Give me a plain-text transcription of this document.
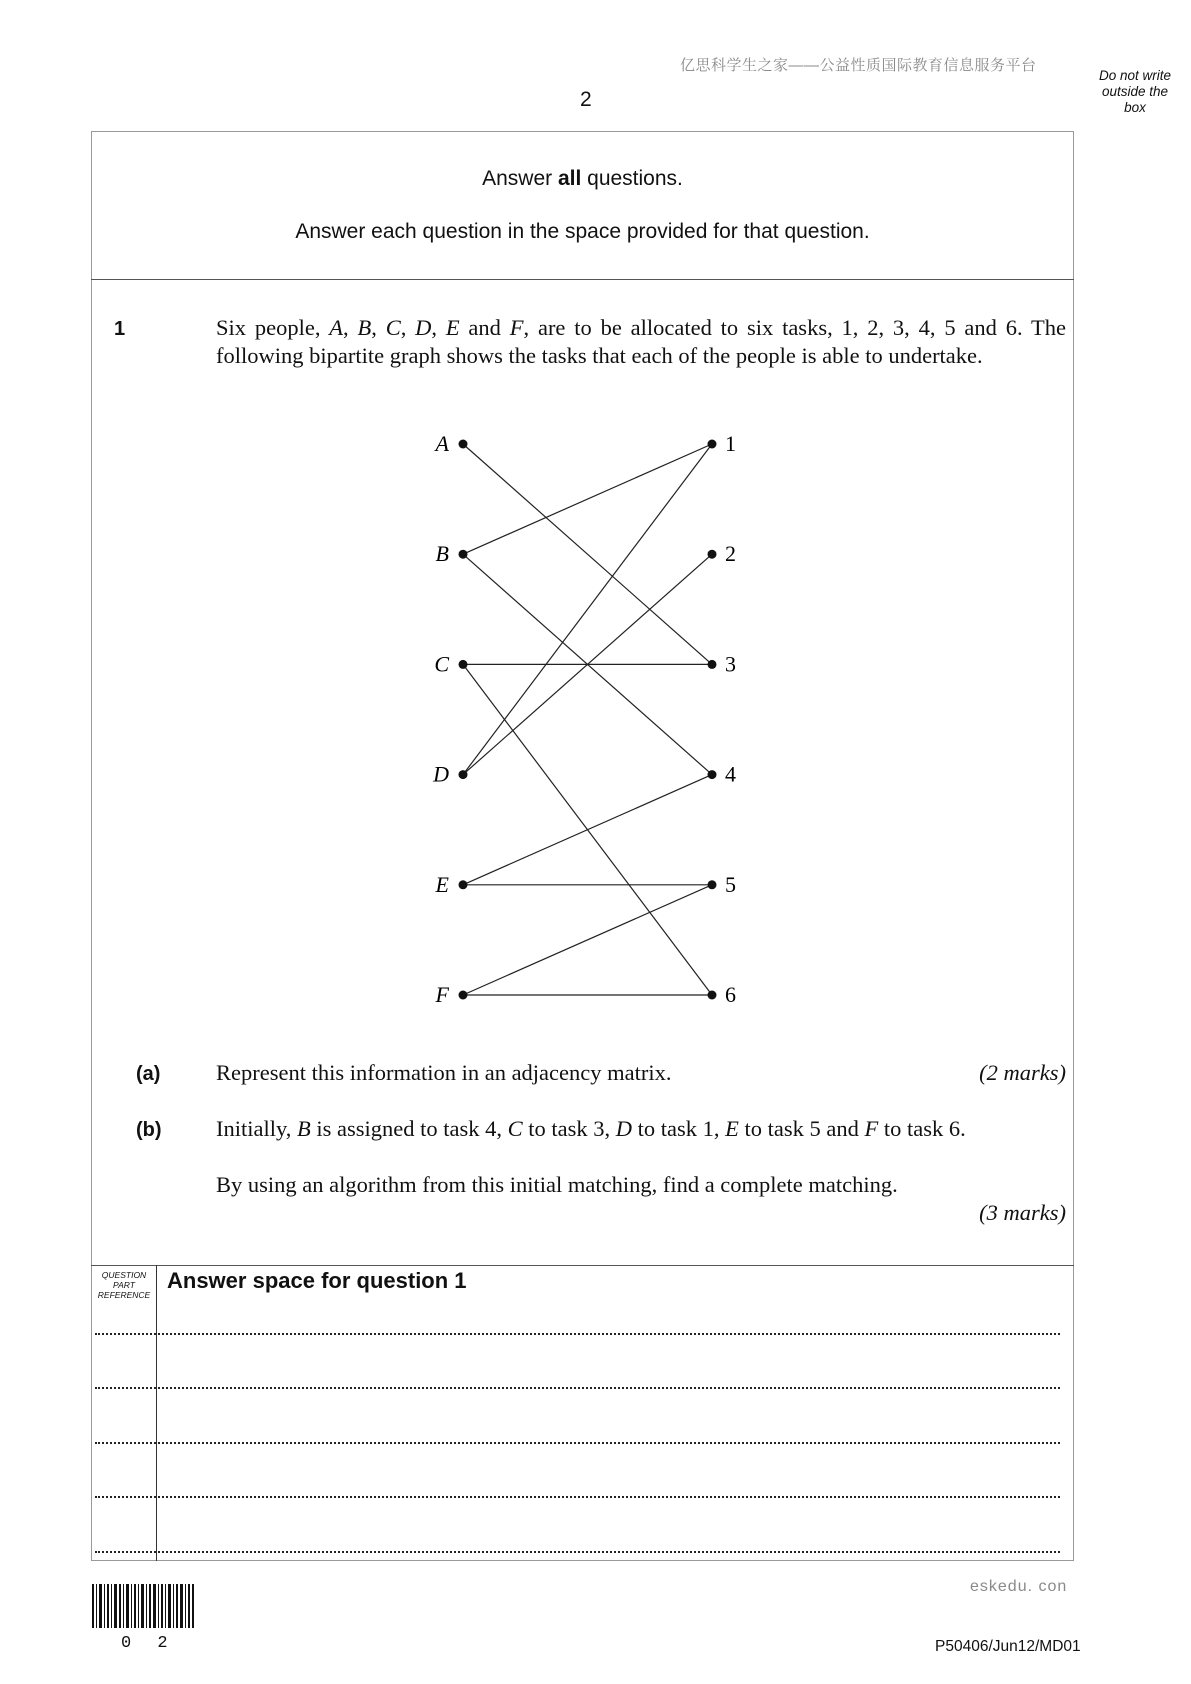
亿思科学生之家——公益性质国际教育信息服务平台
2
Do not write
outside the
box
Answer all questions.
Answer each question in the space provided for that question.
1	Six people, A, B, C, D, E and F, are to be allocated to six tasks, 1, 2, 3, 4, 5 and 6. The following bipartite graph shows the tasks that each of the people is able to undertake.
A
B
C
D
E
F
1
2
3
4
5
6
(a) Represent this information in an adjacency matrix.	(2 marks)
(b) Initially, B is assigned to task 4, C to task 3, D to task 1, E to task 5 and F to task 6.
By using an algorithm from this initial matching, find a complete matching.
(3 marks)
QUESTION
PART
REFERENCE
Answer space for question 1
eskedu. con
0 2	P50406/Jun12/MD01
